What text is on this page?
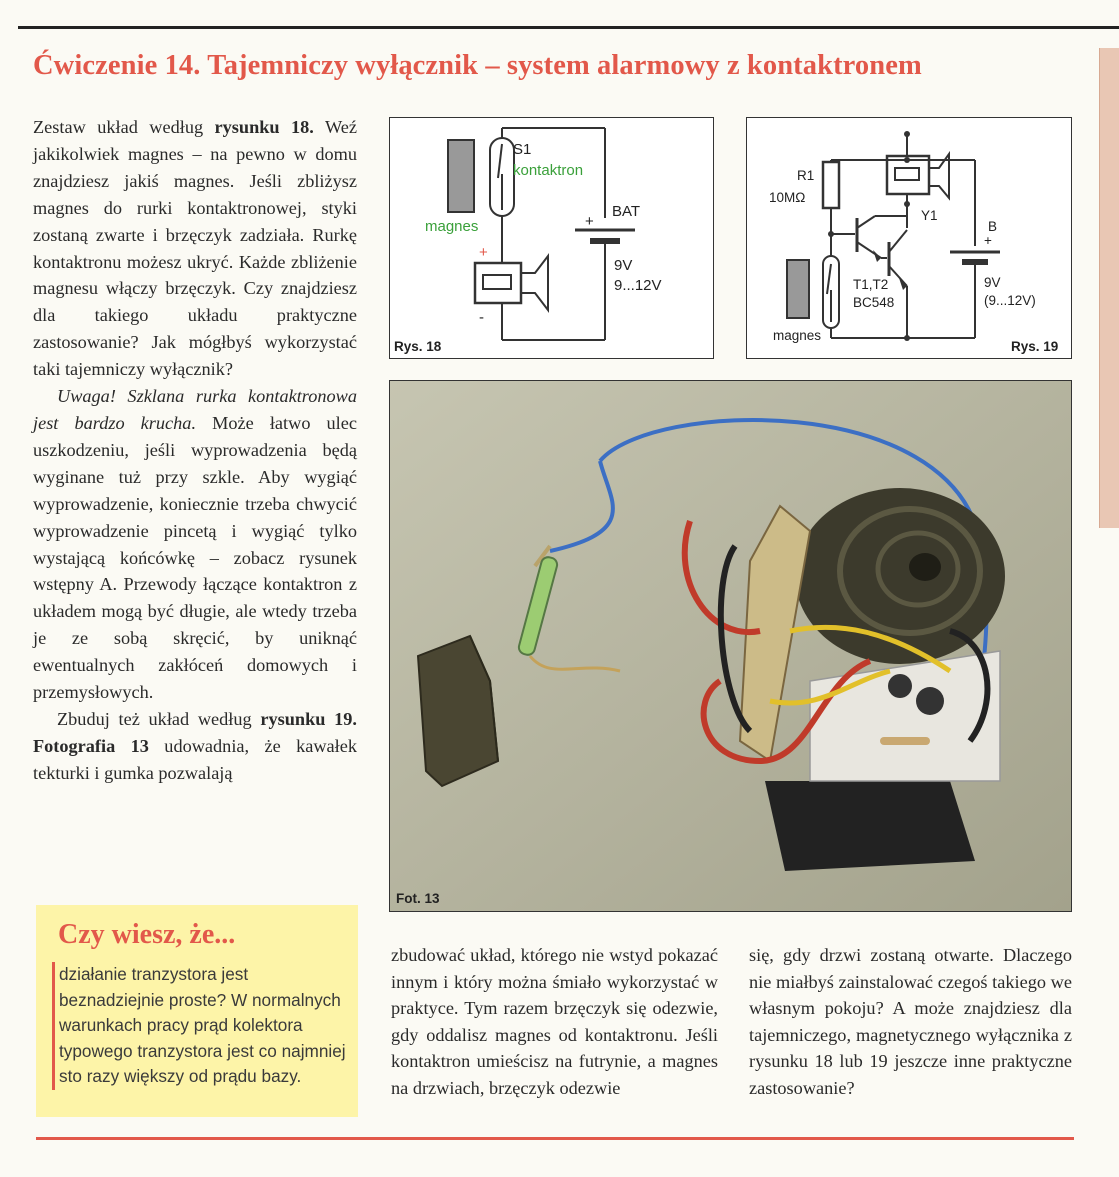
Ćwiczenie 14. Tajemniczy wyłącznik – system alarmowy z kontaktronem

Zestaw układ według rysunku 18. Weź jakikolwiek magnes – na pewno w domu znajdziesz jakiś magnes. Jeśli zbliżysz magnes do rurki kontaktronowej, styki zostaną zwarte i brzęczyk zadziała. Rurkę kontaktronu możesz ukryć. Każde zbliżenie magnesu włączy brzęczyk. Czy znajdziesz dla takiego układu praktyczne zastosowanie? Jak mógłbyś wykorzystać taki tajemniczy wyłącznik?

Uwaga! Szklana rurka kontaktronowa jest bardzo krucha. Może łatwo ulec uszkodzeniu, jeśli wyprowadzenia będą wyginane tuż przy szkle. Aby wygiąć wyprowadzenie, koniecznie trzeba chwycić wyprowadzenie pincetą i wygiąć tylko wystającą końcówkę – zobacz rysunek wstępny A. Przewody łączące kontaktron z układem mogą być długie, ale wtedy trzeba je ze sobą skręcić, by uniknąć ewentualnych zakłóceń domowych i przemysłowych.

Zbuduj też układ według rysunku 19. Fotografia 13 udowadnia, że kawałek tekturki i gumka pozwalają

S1
kontaktron
magnes
+
-
+
BAT
9V
9...12V
Rys. 18
R1
10MΩ
Y1
B
+
T1,T2
BC548
9V
(9...12V)
magnes
Rys. 19
Fot. 13
Czy wiesz, że...
działanie tranzystora jest beznadziejnie proste? W normalnych warunkach pracy prąd kolektora typowego tranzystora jest co najmniej sto razy większy od prądu bazy.

zbudować układ, którego nie wstyd pokazać innym i który można śmiało wykorzystać w praktyce. Tym razem brzęczyk się odezwie, gdy oddalisz magnes od kontaktronu. Jeśli kontaktron umieścisz na futrynie, a magnes na drzwiach, brzęczyk odezwie

się, gdy drzwi zostaną otwarte. Dlaczego nie miałbyś zainstalować czegoś takiego we własnym pokoju? A może znajdziesz dla tajemniczego, magnetycznego wyłącznika z rysunku 18 lub 19 jeszcze inne praktyczne zastosowanie?
